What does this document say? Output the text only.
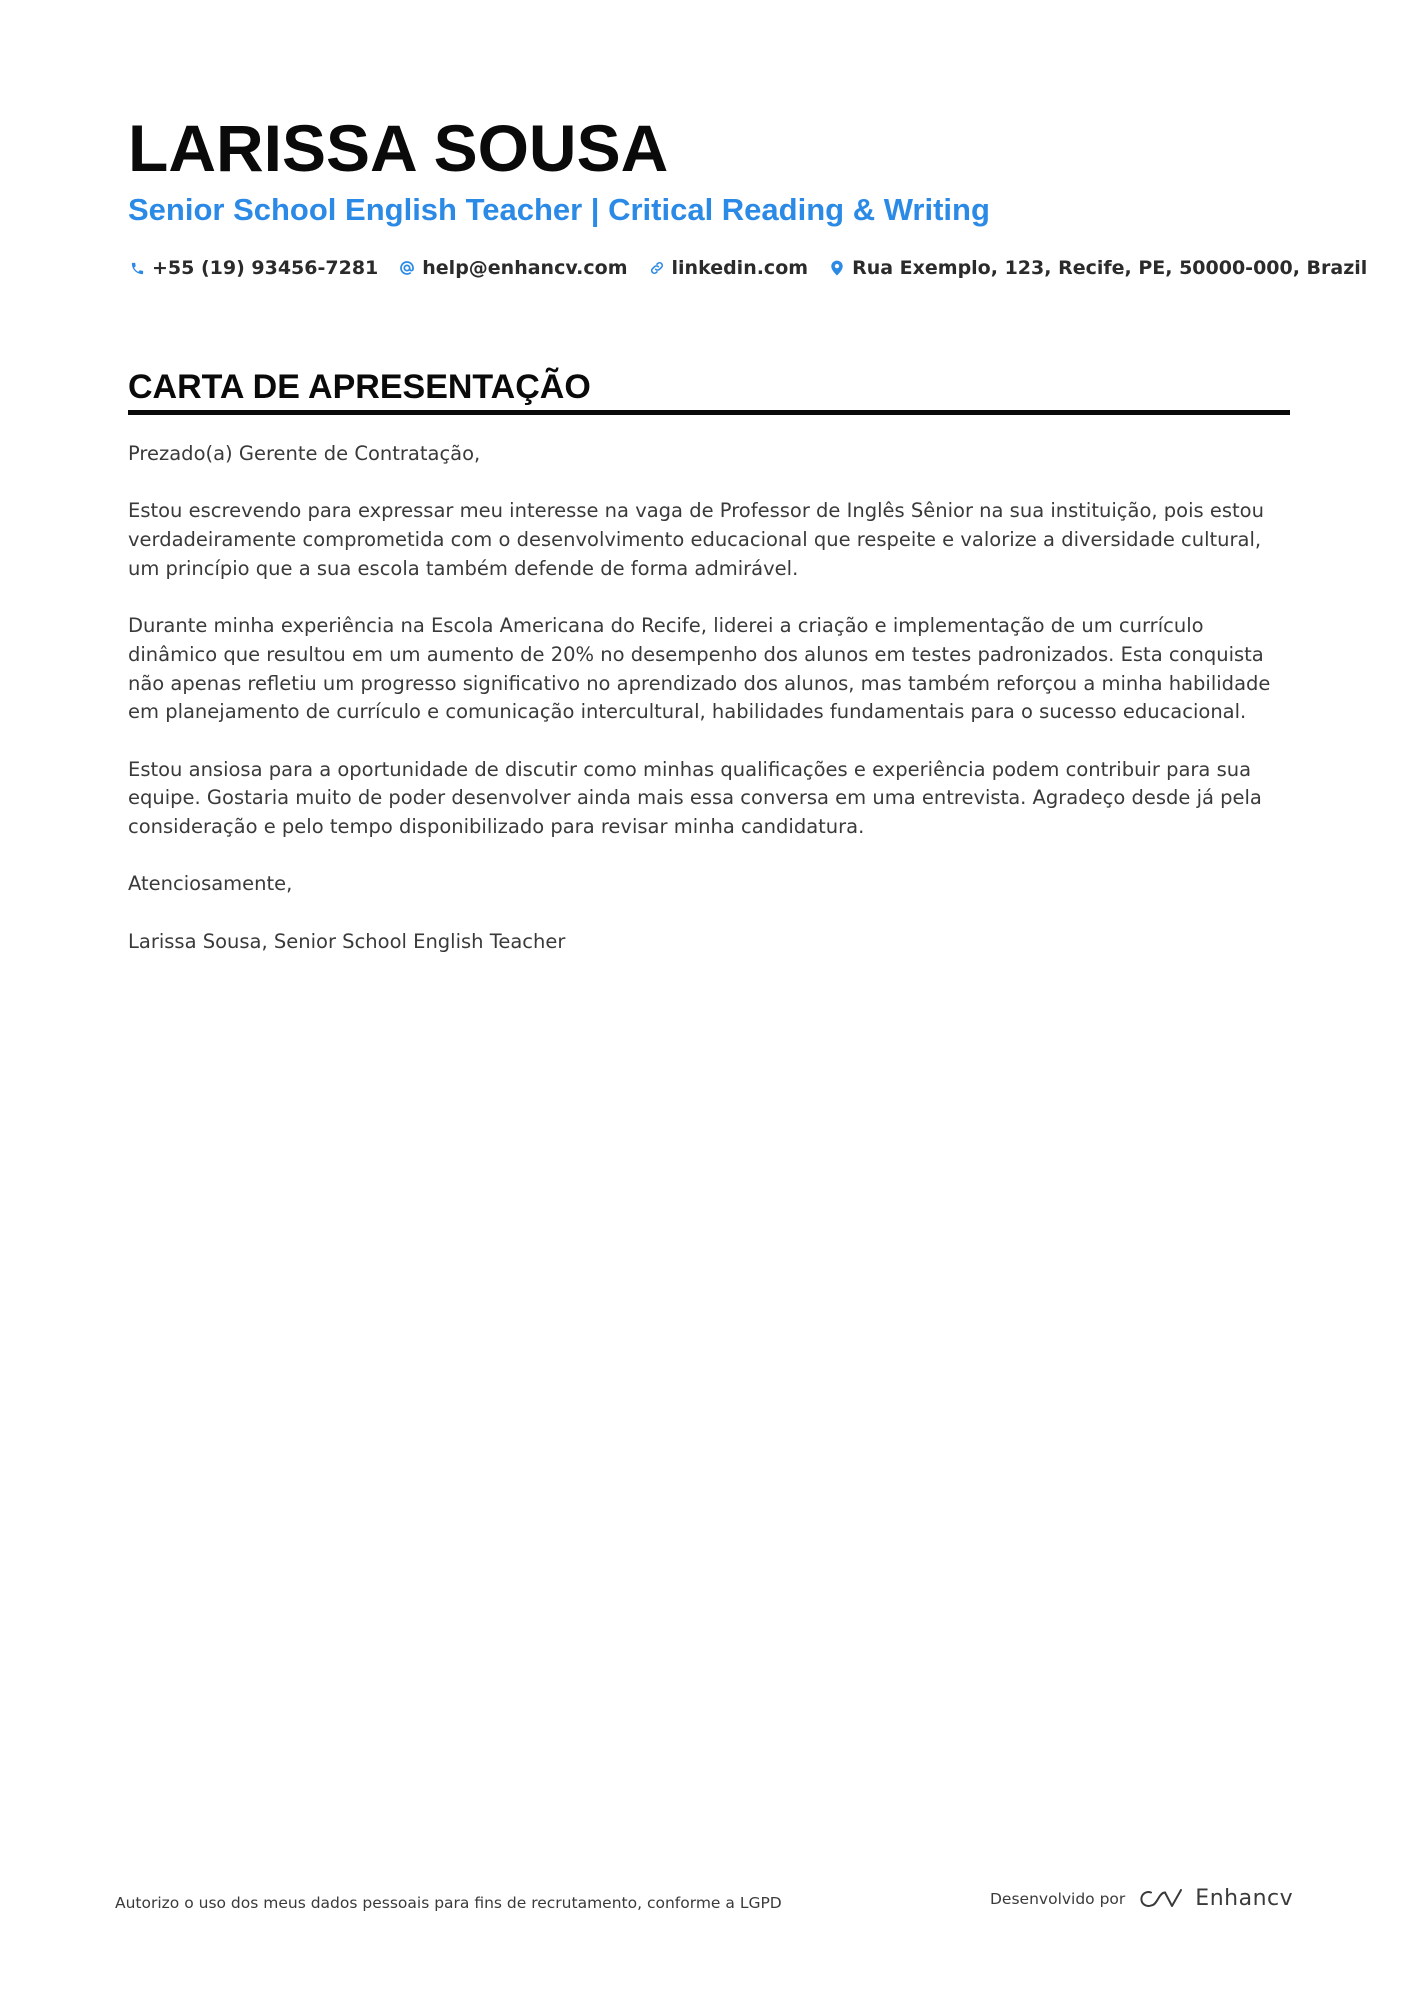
LARISSA SOUSA
Senior School English Teacher | Critical Reading & Writing
+55 (19) 93456-7281 help@enhancv.com linkedin.com Rua Exemplo, 123, Recife, PE, 50000-000, Brazil
CARTA DE APRESENTAÇÃO

Prezado(a) Gerente de Contratação,

Estou escrevendo para expressar meu interesse na vaga de Professor de Inglês Sênior na sua instituição, pois estou verdadeiramente comprometida com o desenvolvimento educacional que respeite e valorize a diversidade cultural, um princípio que a sua escola também defende de forma admirável.

Durante minha experiência na Escola Americana do Recife, liderei a criação e implementação de um currículo dinâmico que resultou em um aumento de 20% no desempenho dos alunos em testes padronizados. Esta conquista não apenas refletiu um progresso significativo no aprendizado dos alunos, mas também reforçou a minha habilidade em planejamento de currículo e comunicação intercultural, habilidades fundamentais para o sucesso educacional.

Estou ansiosa para a oportunidade de discutir como minhas qualificações e experiência podem contribuir para sua equipe. Gostaria muito de poder desenvolver ainda mais essa conversa em uma entrevista. Agradeço desde já pela consideração e pelo tempo disponibilizado para revisar minha candidatura.

Atenciosamente,

Larissa Sousa, Senior School English Teacher

Autorizo o uso dos meus dados pessoais para fins de recrutamento, conforme a LGPD	Desenvolvido por	Enhancv
